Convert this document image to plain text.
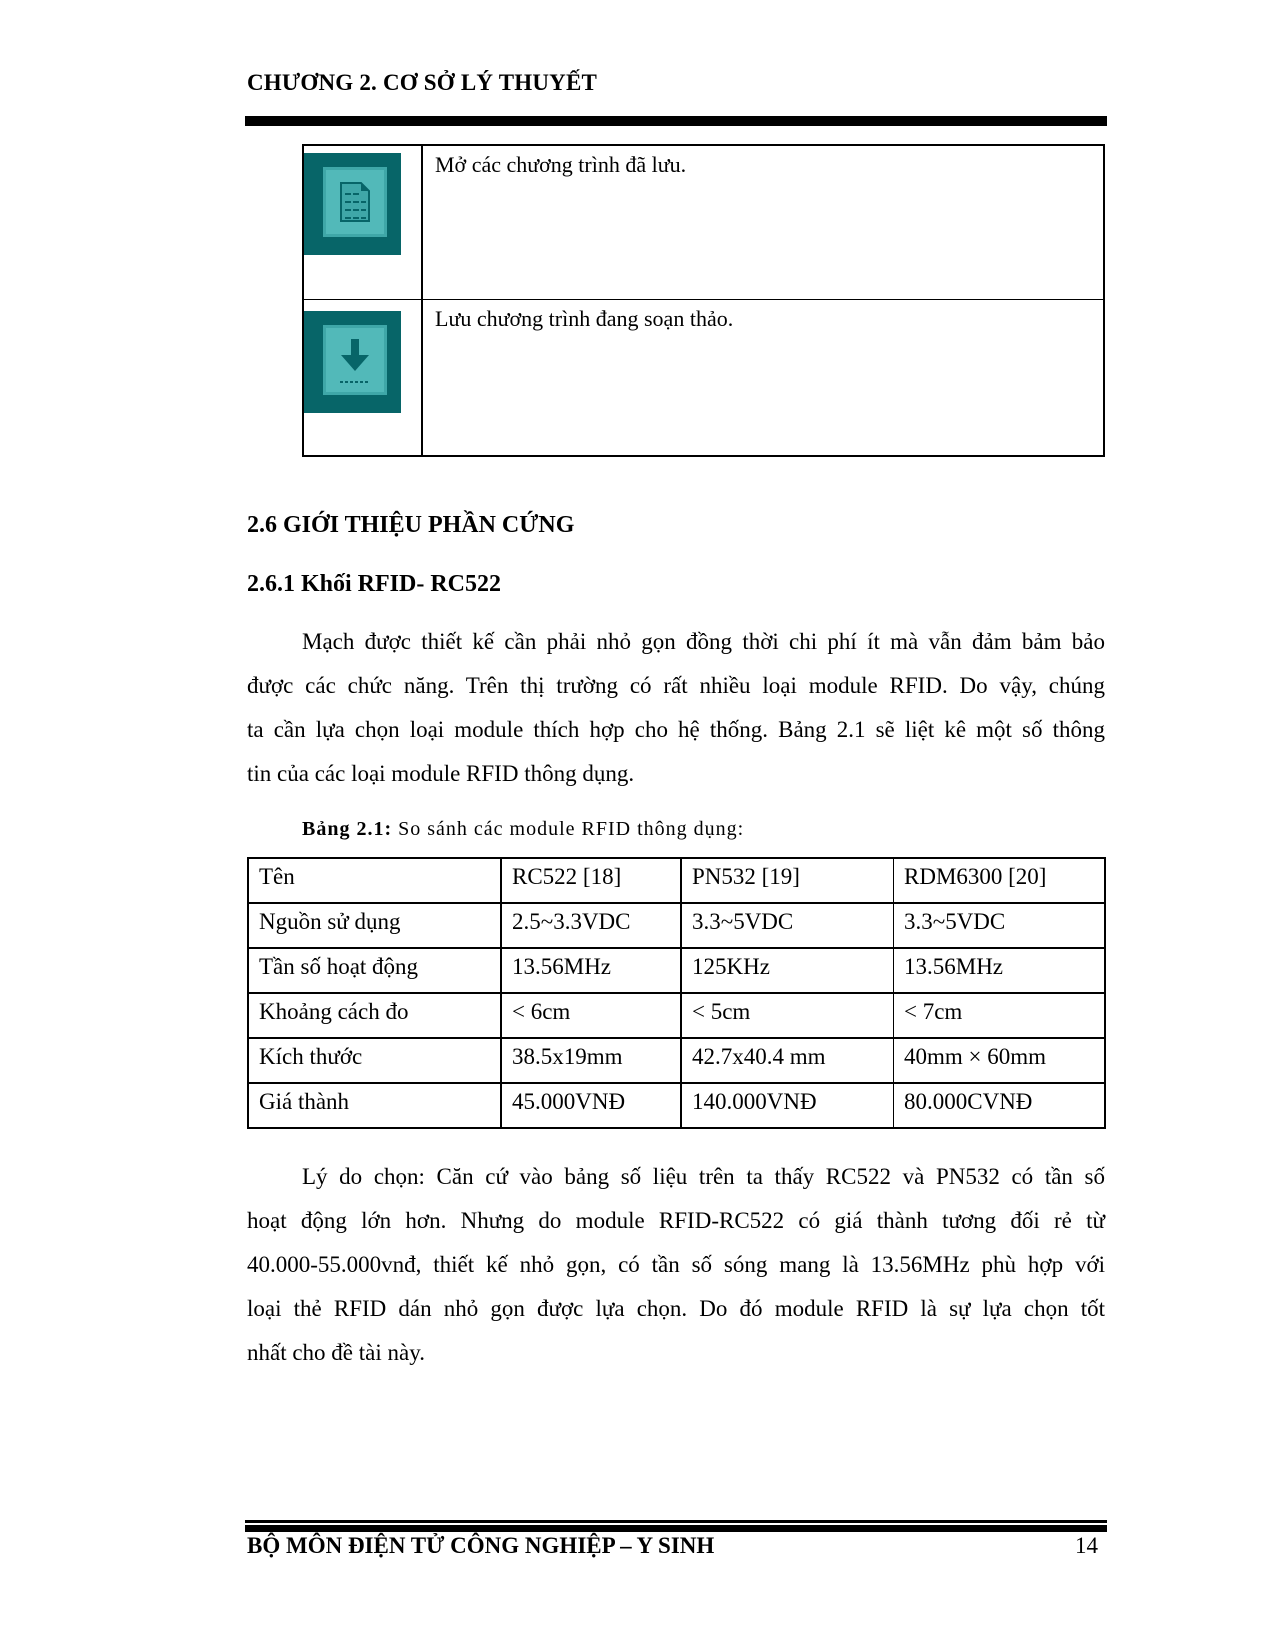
CHƯƠNG 2. CƠ SỞ LÝ THUYẾT
Mở các chương trình đã lưu.
Lưu chương trình đang soạn thảo.
2.6 GIỚI THIỆU PHẦN CỨNG
2.6.1 Khối RFID- RC522
Mạch được thiết kế cần phải nhỏ gọn đồng thời chi phí ít mà vẫn đảm bảm bảo
được các chức năng. Trên thị trường có rất nhiều loại module RFID. Do vậy, chúng
ta cần lựa chọn loại module thích hợp cho hệ thống. Bảng 2.1 sẽ liệt kê một số thông
tin của các loại module RFID thông dụng.
Bảng 2.1: So sánh các module RFID thông dụng:
Tên	RC522 [18]	PN532 [19]	RDM6300 [20]
Nguồn sử dụng	2.5~3.3VDC	3.3~5VDC	3.3~5VDC
Tần số hoạt động	13.56MHz	125KHz	13.56MHz
Khoảng cách đo	< 6cm	< 5cm	< 7cm
Kích thước	38.5x19mm	42.7x40.4 mm	40mm × 60mm
Giá thành	45.000VNĐ	140.000VNĐ	80.000CVNĐ
Lý do chọn: Căn cứ vào bảng số liệu trên ta thấy RC522 và PN532 có tần số
hoạt động lớn hơn. Nhưng do module RFID-RC522 có giá thành tương đối rẻ từ
40.000-55.000vnđ, thiết kế nhỏ gọn, có tần số sóng mang là 13.56MHz phù hợp với
loại thẻ RFID dán nhỏ gọn được lựa chọn. Do đó module RFID là sự lựa chọn tốt
nhất cho đề tài này.
BỘ MÔN ĐIỆN TỬ CÔNG NGHIỆP – Y SINH	14
